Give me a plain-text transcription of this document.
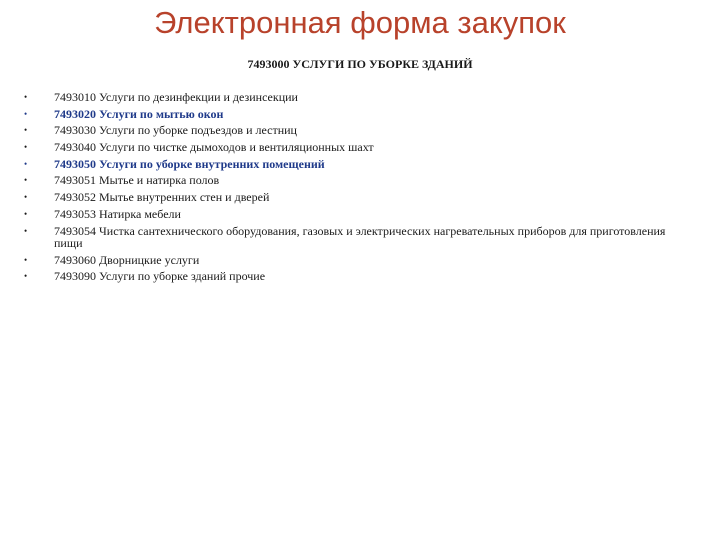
Электронная форма закупок
7493000 УСЛУГИ ПО УБОРКЕ ЗДАНИЙ
• 7493010 Услуги по дезинфекции и дезинсекции
• 7493020 Услуги по мытью окон
• 7493030 Услуги по уборке подъездов и лестниц
• 7493040 Услуги по чистке дымоходов и вентиляционных шахт
• 7493050 Услуги по уборке внутренних помещений
• 7493051 Мытье и натирка полов
• 7493052 Мытье внутренних стен и дверей
• 7493053 Натирка мебели
• 7493054 Чистка сантехнического оборудования, газовых и электрических нагревательных приборов для приготовления пищи
• 7493060 Дворницкие услуги
• 7493090 Услуги по уборке зданий прочие
